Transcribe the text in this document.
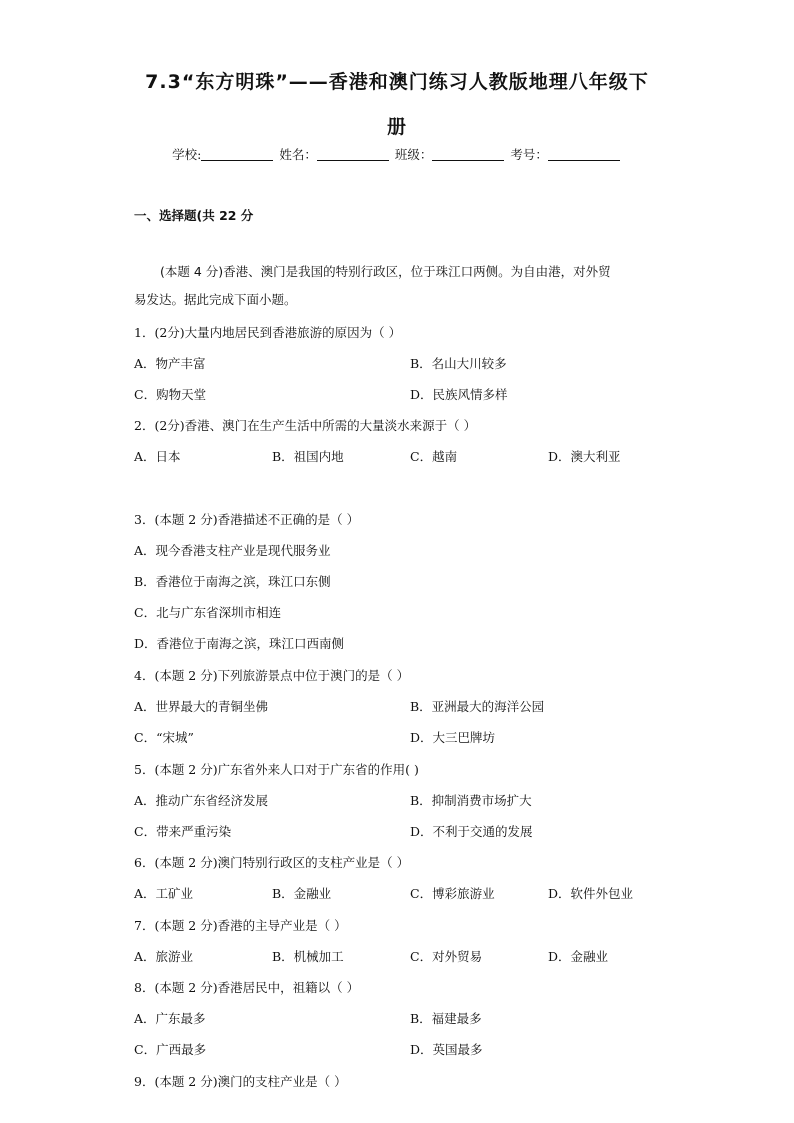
7.3“东方明珠”——香港和澳门练习人教版地理八年级下
册
学校:	姓名：	班级：	考号：
一、选择题(共 22 分
(本题 4 分)香港、澳门是我国的特别行政区，位于珠江口两侧。为自由港，对外贸
易发达。据此完成下面小题。
1．(2分)大量内地居民到香港旅游的原因为（ ）
A．物产丰富	B．名山大川较多
C．购物天堂	D．民族风情多样
2．(2分)香港、澳门在生产生活中所需的大量淡水来源于（ ）
A．日本	B．祖国内地	C．越南	D．澳大利亚
3．(本题 2 分)香港描述不正确的是（ ）
A．现今香港支柱产业是现代服务业
B．香港位于南海之滨，珠江口东侧
C．北与广东省深圳市相连
D．香港位于南海之滨，珠江口西南侧
4．(本题 2 分)下列旅游景点中位于澳门的是（ ）
A．世界最大的青铜坐佛	B．亚洲最大的海洋公园
C．“宋城”	D．大三巴牌坊
5．(本题 2 分)广东省外来人口对于广东省的作用( )
A．推动广东省经济发展	B．抑制消费市场扩大
C．带来严重污染	D．不利于交通的发展
6．(本题 2 分)澳门特别行政区的支柱产业是（ ）
A．工矿业	B．金融业	C．博彩旅游业	D．软件外包业
7．(本题 2 分)香港的主导产业是（ ）
A．旅游业	B．机械加工	C．对外贸易	D．金融业
8．(本题 2 分)香港居民中，祖籍以（ ）
A．广东最多	B．福建最多
C．广西最多	D．英国最多
9．(本题 2 分)澳门的支柱产业是（ ）
